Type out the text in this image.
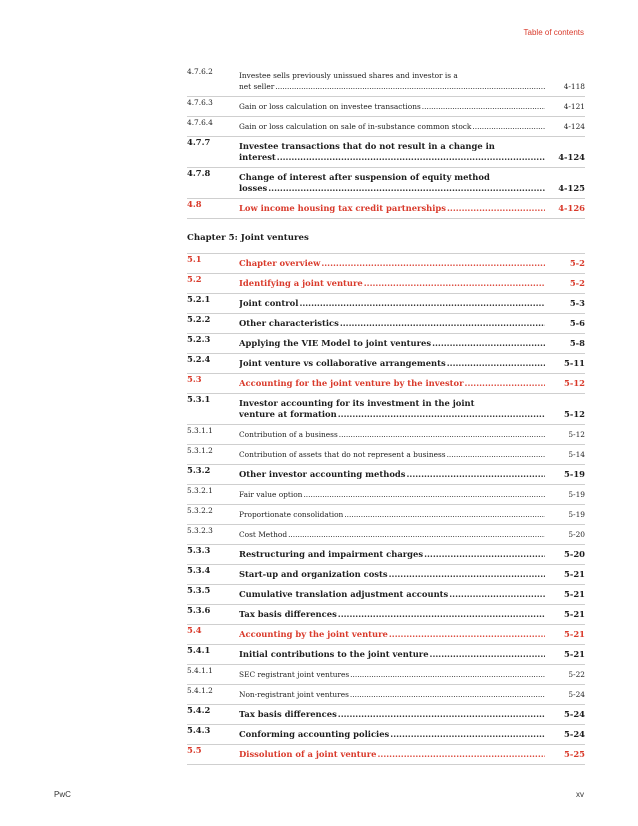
Table of contents
4.7.6.2	Investee sells previously unissued shares and investor is a
net seller .....	4-118
4.7.6.3	Gain or loss calculation on investee transactions .....	4-121
4.7.6.4	Gain or loss calculation on sale of in-substance common stock .....	4-124
4.7.7	Investee transactions that do not result in a change in
interest .....	4-124
4.7.8	Change of interest after suspension of equity method
losses .....	4-125
4.8	Low income housing tax credit partnerships .....	4-126
Chapter 5: Joint ventures
5.1	Chapter overview .....	5-2
5.2	Identifying a joint venture .....	5-2
5.2.1	Joint control .....	5-3
5.2.2	Other characteristics .....	5-6
5.2.3	Applying the VIE Model to joint ventures .....	5-8
5.2.4	Joint venture vs collaborative arrangements .....	5-11
5.3	Accounting for the joint venture by the investor .....	5-12
5.3.1	Investor accounting for its investment in the joint
venture at formation .....	5-12
5.3.1.1	Contribution of a business .....	5-12
5.3.1.2	Contribution of assets that do not represent a business .....	5-14
5.3.2	Other investor accounting methods .....	5-19
5.3.2.1	Fair value option .....	5-19
5.3.2.2	Proportionate consolidation .....	5-19
5.3.2.3	Cost Method .....	5-20
5.3.3	Restructuring and impairment charges .....	5-20
5.3.4	Start-up and organization costs .....	5-21
5.3.5	Cumulative translation adjustment accounts .....	5-21
5.3.6	Tax basis differences .....	5-21
5.4	Accounting by the joint venture .....	5-21
5.4.1	Initial contributions to the joint venture .....	5-21
5.4.1.1	SEC registrant joint ventures .....	5-22
5.4.1.2	Non-registrant joint ventures .....	5-24
5.4.2	Tax basis differences .....	5-24
5.4.3	Conforming accounting policies .....	5-24
5.5	Dissolution of a joint venture .....	5-25
PwC	xv
